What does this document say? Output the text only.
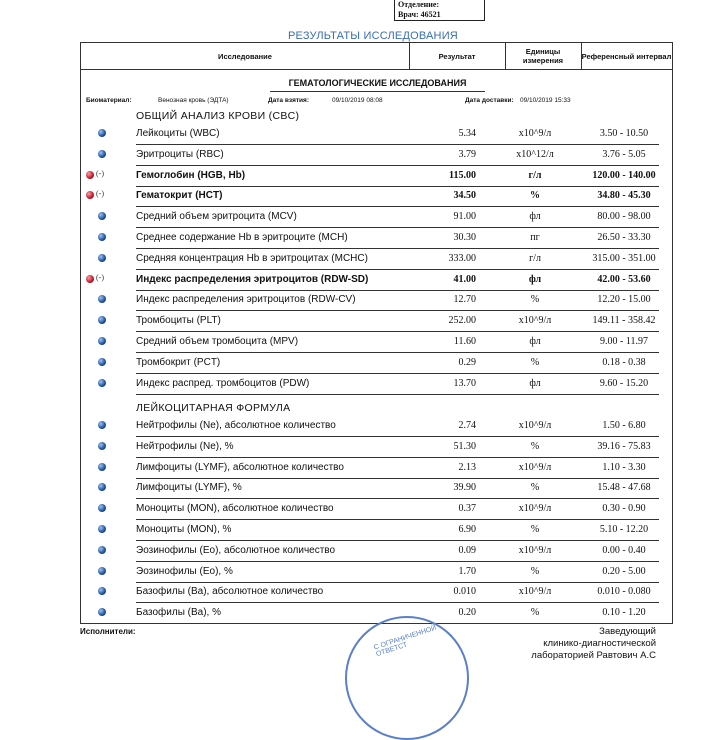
Отделение:
Врач: 46521
РЕЗУЛЬТАТЫ ИССЛЕДОВАНИЯ
Исследование	Результат	Единицы измерения	Референсный интервал
ГЕМАТОЛОГИЧЕСКИЕ ИССЛЕДОВАНИЯ
Биоматериал:	Венозная кровь (ЭДТА)	Дата взятия:	09/10/2019 08:08	Дата доставки: 09/10/2019 15:33
ОБЩИЙ АНАЛИЗ КРОВИ (CBC)
Лейкоциты (WBC)	5.34	x10^9/л	3.50 - 10.50
Эритроциты (RBC)	3.79	x10^12/л	3.76 - 5.05
(-)	Гемоглобин (HGB, Hb)	115.00	г/л	120.00 - 140.00
(-)	Гематокрит (HCT)	34.50	%	34.80 - 45.30
Средний объем эритроцита (MCV)	91.00	фл	80.00 - 98.00
Среднее содержание Hb в эритроците (MCH)	30.30	пг	26.50 - 33.30
Средняя концентрация Hb в эритроцитах (MCHC)	333.00	г/л	315.00 - 351.00
(-)	Индекс распределения эритроцитов (RDW-SD)	41.00	фл	42.00 - 53.60
Индекс распределения эритроцитов (RDW-CV)	12.70	%	12.20 - 15.00
Тромбоциты (PLT)	252.00	x10^9/л	149.11 - 358.42
Средний объем тромбоцита (MPV)	11.60	фл	9.00 - 11.97
Тромбокрит (PCT)	0.29	%	0.18 - 0.38
Индекс распред. тромбоцитов (PDW)	13.70	фл	9.60 - 15.20
ЛЕЙКОЦИТАРНАЯ ФОРМУЛА
Нейтрофилы (Ne), абсолютное количество	2.74	x10^9/л	1.50 - 6.80
Нейтрофилы (Ne), %	51.30	%	39.16 - 75.83
Лимфоциты (LYMF), абсолютное количество	2.13	x10^9/л	1.10 - 3.30
Лимфоциты (LYMF), %	39.90	%	15.48 - 47.68
Моноциты (MON), абсолютное количество	0.37	x10^9/л	0.30 - 0.90
Моноциты (MON), %	6.90	%	5.10 - 12.20
Эозинофилы (Eo), абсолютное количество	0.09	x10^9/л	0.00 - 0.40
Эозинофилы (Eo), %	1.70	%	0.20 - 5.00
Базофилы (Ba), абсолютное количество	0.010	x10^9/л	0.010 - 0.080
Базофилы (Ba), %	0.20	%	0.10 - 1.20
Исполнители:	С ОГРАНИЧЕННОЙ ОТВЕТСТ
Заведующий
клинико-диагностической
лабораторией Равтович А.С
